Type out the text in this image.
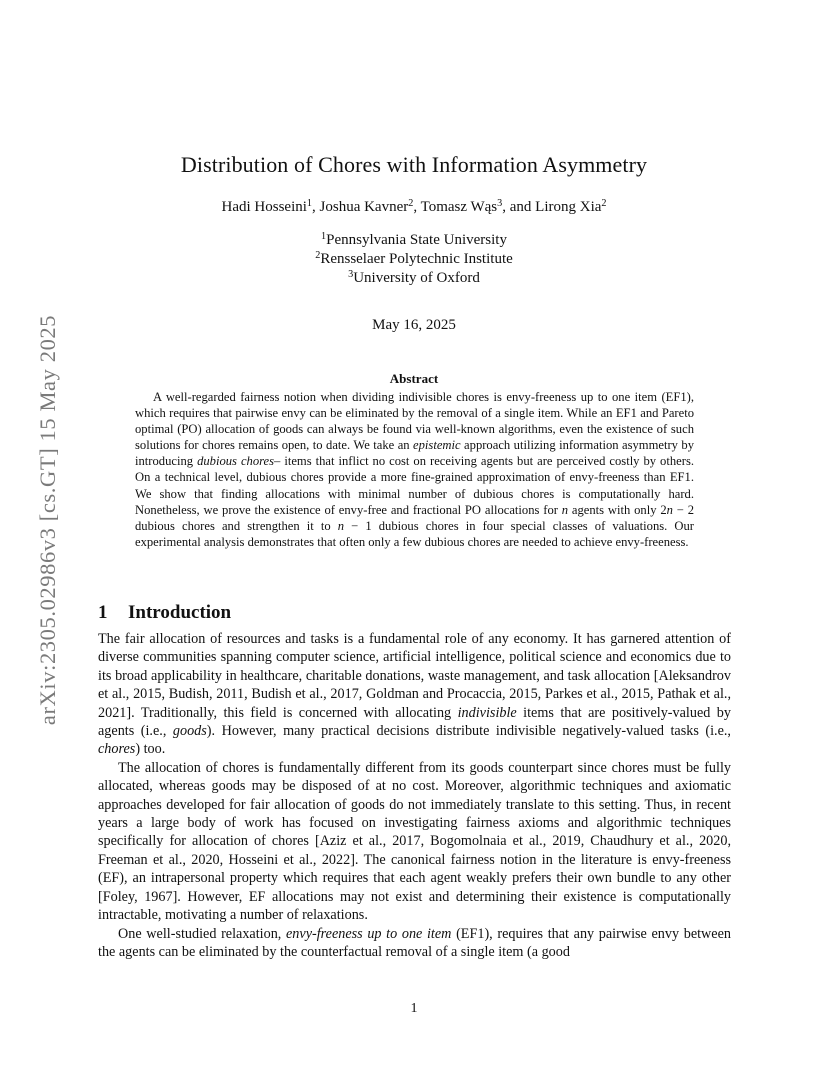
arXiv:2305.02986v3 [cs.GT] 15 May 2025
Distribution of Chores with Information Asymmetry
Hadi Hosseini$^1$, Joshua Kavner$^2$, Tomasz Wąs$^3$, and Lirong Xia$^2$
$^1$Pennsylvania State University
$^2$Rensselaer Polytechnic Institute
$^3$University of Oxford
May 16, 2025
Abstract
A well-regarded fairness notion when dividing indivisible chores is envy-freeness up to one item (EF1), which requires that pairwise envy can be eliminated by the removal of a single item. While an EF1 and Pareto optimal (PO) allocation of goods can always be found via well-known algorithms, even the existence of such solutions for chores remains open, to date. We take an epistemic approach utilizing information asymmetry by introducing dubious chores– items that inflict no cost on receiving agents but are perceived costly by others. On a technical level, dubious chores provide a more fine-grained approximation of envy-freeness than EF1. We show that finding allocations with minimal number of dubious chores is computationally hard. Nonetheless, we prove the existence of envy-free and fractional PO allocations for n agents with only 2n − 2 dubious chores and strengthen it to n − 1 dubious chores in four special classes of valuations. Our experimental analysis demonstrates that often only a few dubious chores are needed to achieve envy-freeness.
1 Introduction

The fair allocation of resources and tasks is a fundamental role of any economy. It has garnered attention of diverse communities spanning computer science, artificial intelligence, political science and economics due to its broad applicability in healthcare, charitable donations, waste management, and task allocation [Aleksandrov et al., 2015, Budish, 2011, Budish et al., 2017, Goldman and Procaccia, 2015, Parkes et al., 2015, Pathak et al., 2021]. Traditionally, this field is concerned with allocating indivisible items that are positively-valued by agents (i.e., goods). However, many practical decisions distribute indivisible negatively-valued tasks (i.e., chores) too.

The allocation of chores is fundamentally different from its goods counterpart since chores must be fully allocated, whereas goods may be disposed of at no cost. Moreover, algorithmic techniques and axiomatic approaches developed for fair allocation of goods do not immediately translate to this setting. Thus, in recent years a large body of work has focused on investigating fairness axioms and algorithmic techniques specifically for allocation of chores [Aziz et al., 2017, Bogomolnaia et al., 2019, Chaudhury et al., 2020, Freeman et al., 2020, Hosseini et al., 2022]. The canonical fairness notion in the literature is envy-freeness (EF), an intrapersonal property which requires that each agent weakly prefers their own bundle to any other [Foley, 1967]. However, EF allocations may not exist and determining their existence is computationally intractable, motivating a number of relaxations.

One well-studied relaxation, envy-freeness up to one item (EF1), requires that any pairwise envy between the agents can be eliminated by the counterfactual removal of a single item (a good

1
